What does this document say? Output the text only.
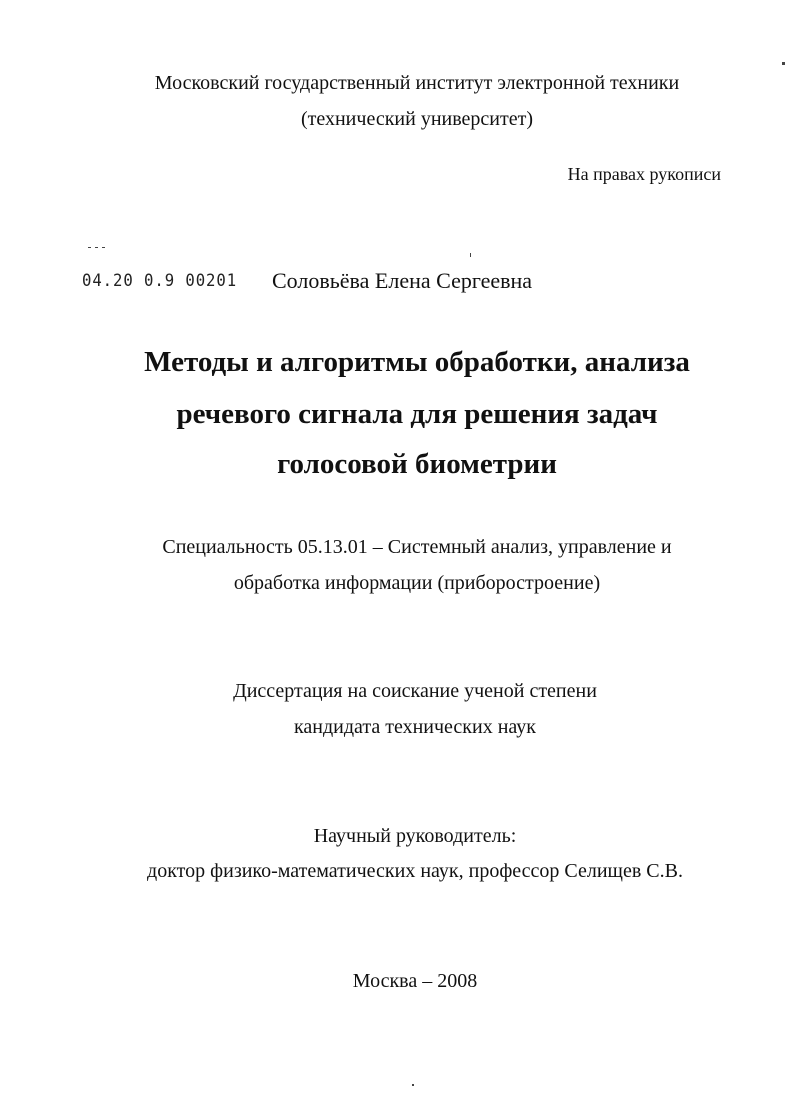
Московский государственный институт электронной техники
(технический университет)
На правах рукописи
04.20 0.9 00201 Соловьёва Елена Сергеевна
Методы и алгоритмы обработки, анализа
речевого сигнала для решения задач
голосовой биометрии
Специальность 05.13.01 – Системный анализ, управление и
обработка информации (приборостроение)
Диссертация на соискание ученой степени
кандидата технических наук
Научный руководитель:
доктор физико-математических наук, профессор Селищев С.В.
Москва – 2008
